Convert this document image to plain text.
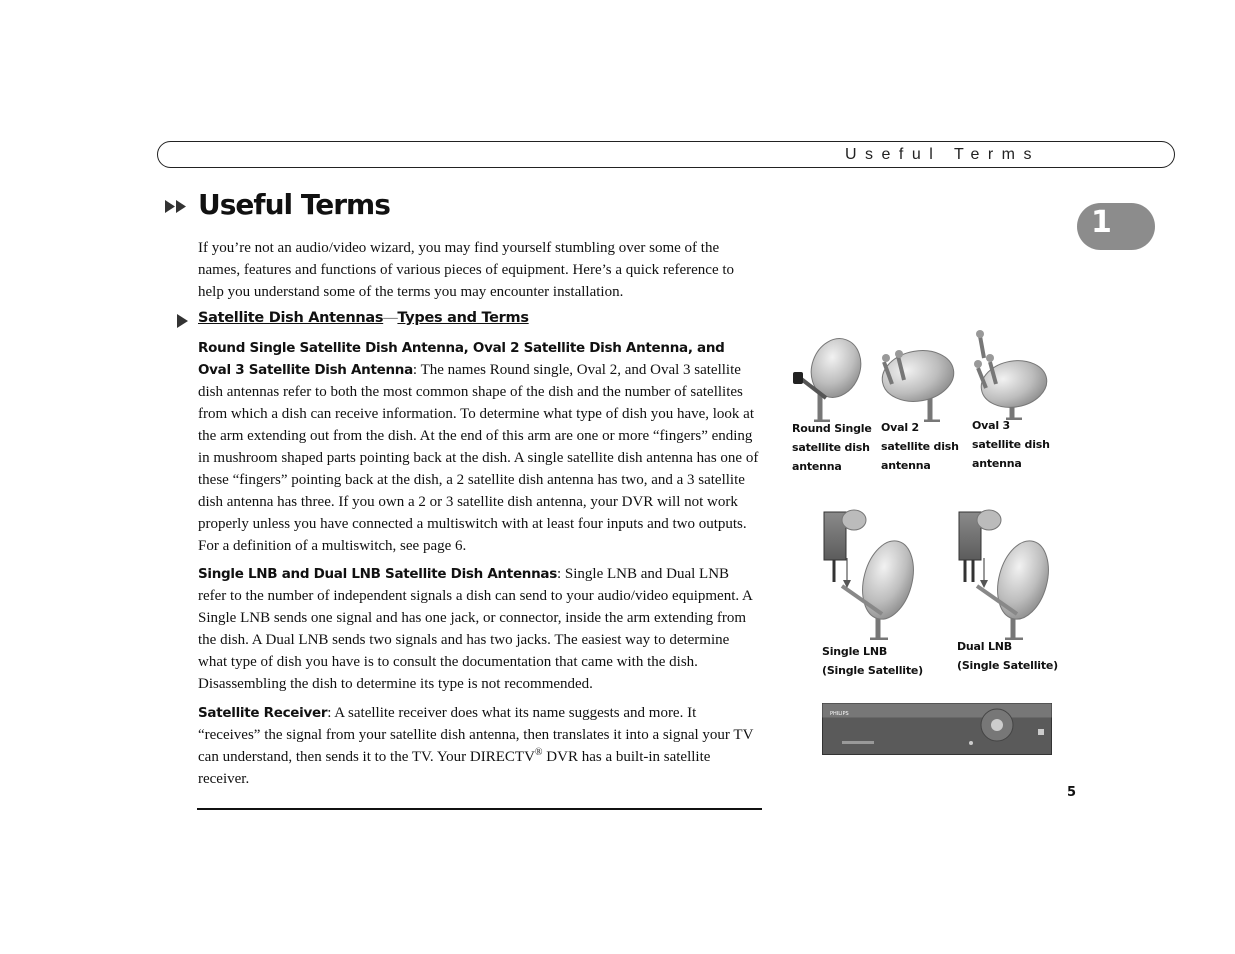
Useful Terms
Useful Terms
1

If you’re not an audio/video wizard, you may find yourself stumbling over some of the names, features and functions of various pieces of equipment. Here’s a quick reference to help you understand some of the terms you may encounter installation.

Satellite Dish Antennas—Types and Terms

Round Single Satellite Dish Antenna, Oval 2 Satellite Dish Antenna, and Oval 3 Satellite Dish Antenna: The names Round single, Oval 2, and Oval 3 satellite dish antennas refer to both the most common shape of the dish and the number of satellites from which a dish can receive information. To determine what type of dish you have, look at the arm extending out from the dish. At the end of this arm are one or more “fingers” ending in mushroom shaped parts pointing back at the dish. A single satellite dish antenna has one of these “fingers” pointing back at the dish, a 2 satellite dish antenna has two, and a 3 satellite dish antenna has three. If you own a 2 or 3 satellite dish antenna, your DVR will not work properly unless you have connected a multiswitch with at least four inputs and two outputs. For a definition of a multiswitch, see page 6.

Single LNB and Dual LNB Satellite Dish Antennas: Single LNB and Dual LNB refer to the number of independent signals a dish can send to your audio/video equipment. A Single LNB sends one signal and has one jack, or connector, inside the arm extending from the dish. A Dual LNB sends two signals and has two jacks. The easiest way to determine what type of dish you have is to consult the documentation that came with the dish. Disassembling the dish to determine its type is not recommended.

Satellite Receiver: A satellite receiver does what its name suggests and more. It “receives” the signal from your satellite dish antenna, then translates it into a signal your TV can understand, then sends it to the TV. Your DIRECTV® DVR has a built-in satellite receiver.

5
Round Single
satellite dish
antenna
Oval 2
satellite dish
antenna
Oval 3
satellite dish
antenna
Single LNB
(Single Satellite)
Dual LNB
(Single Satellite)
PHILIPS
